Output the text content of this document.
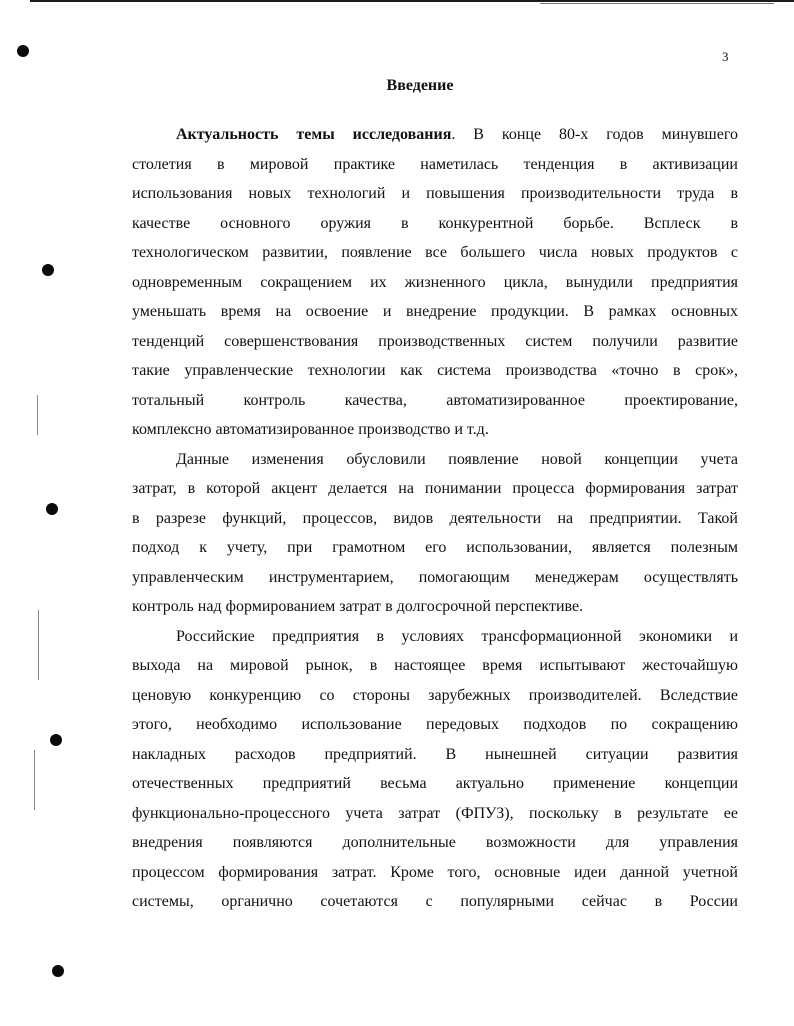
3
Введение
Актуальность темы исследования. В конце 80-х годов минувшего
столетия в мировой практике наметилась тенденция в активизации
использования новых технологий и повышения производительности труда в
качестве основного оружия в конкурентной борьбе. Всплеск в
технологическом развитии, появление все большего числа новых продуктов с
одновременным сокращением их жизненного цикла, вынудили предприятия
уменьшать время на освоение и внедрение продукции. В рамках основных
тенденций совершенствования производственных систем получили развитие
такие управленческие технологии как система производства «точно в срок»,
тотальный контроль качества, автоматизированное проектирование,
комплексно автоматизированное производство и т.д.
Данные изменения обусловили появление новой концепции учета
затрат, в которой акцент делается на понимании процесса формирования затрат
в разрезе функций, процессов, видов деятельности на предприятии. Такой
подход к учету, при грамотном его использовании, является полезным
управленческим инструментарием, помогающим менеджерам осуществлять
контроль над формированием затрат в долгосрочной перспективе.
Российские предприятия в условиях трансформационной экономики и
выхода на мировой рынок, в настоящее время испытывают жесточайшую
ценовую конкуренцию со стороны зарубежных производителей. Вследствие
этого, необходимо использование передовых подходов по сокращению
накладных расходов предприятий. В нынешней ситуации развития
отечественных предприятий весьма актуально применение концепции
функционально-процессного учета затрат (ФПУЗ), поскольку в результате ее
внедрения появляются дополнительные возможности для управления
процессом формирования затрат. Кроме того, основные идеи данной учетной
системы, органично сочетаются с популярными сейчас в России
